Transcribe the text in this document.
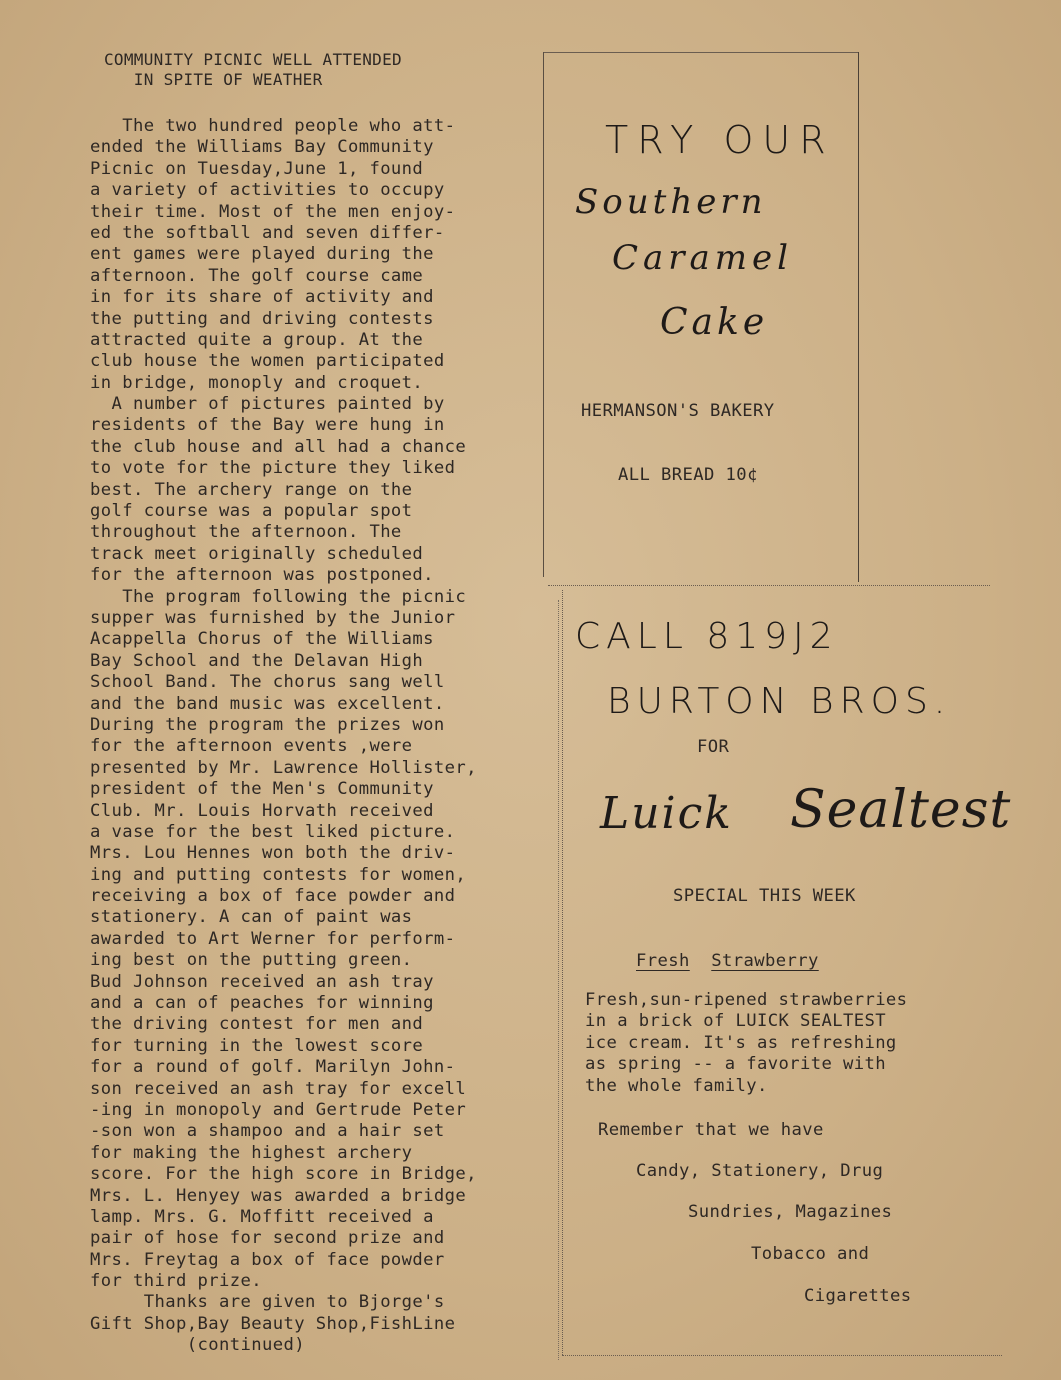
COMMUNITY PICNIC WELL ATTENDED
IN SPITE OF WEATHER
The two hundred people who att-
ended the Williams Bay Community
Picnic on Tuesday,June 1, found
a variety of activities to occupy
their time. Most of the men enjoy-
ed the softball and seven differ-
ent games were played during the
afternoon. The golf course came
in for its share of activity and
the putting and driving contests
attracted quite a group. At the
club house the women participated
in bridge, monoply and croquet.
A number of pictures painted by
residents of the Bay were hung in
the club house and all had a chance
to vote for the picture they liked
best. The archery range on the
golf course was a popular spot
throughout the afternoon. The
track meet originally scheduled
for the afternoon was postponed.
The program following the picnic
supper was furnished by the Junior
Acappella Chorus of the Williams
Bay School and the Delavan High
School Band. The chorus sang well
and the band music was excellent.
During the program the prizes won
for the afternoon events ,were
presented by Mr. Lawrence Hollister,
president of the Men's Community
Club. Mr. Louis Horvath received
a vase for the best liked picture.
Mrs. Lou Hennes won both the driv-
ing and putting contests for women,
receiving a box of face powder and
stationery. A can of paint was
awarded to Art Werner for perform-
ing best on the putting green.
Bud Johnson received an ash tray
and a can of peaches for winning
the driving contest for men and
for turning in the lowest score
for a round of golf. Marilyn John-
son received an ash tray for excell
-ing in monopoly and Gertrude Peter
-son won a shampoo and a hair set
for making the highest archery
score. For the high score in Bridge,
Mrs. L. Henyey was awarded a bridge
lamp. Mrs. G. Moffitt received a
pair of hose for second prize and
Mrs. Freytag a box of face powder
for third prize.
Thanks are given to Bjorge's
Gift Shop,Bay Beauty Shop,FishLine
(continued)
TRY OUR
Southern
Caramel
Cake
HERMANSON'S BAKERY
ALL BREAD 10¢
CALL 819J2
BURTON BROS.
FOR
Luick Sealtest
SPECIAL THIS WEEK
Fresh Strawberry
Fresh,sun-ripened strawberries
in a brick of LUICK SEALTEST
ice cream. It's as refreshing
as spring -- a favorite with
the whole family.
Remember that we have
Candy, Stationery, Drug
Sundries, Magazines
Tobacco and
Cigarettes
